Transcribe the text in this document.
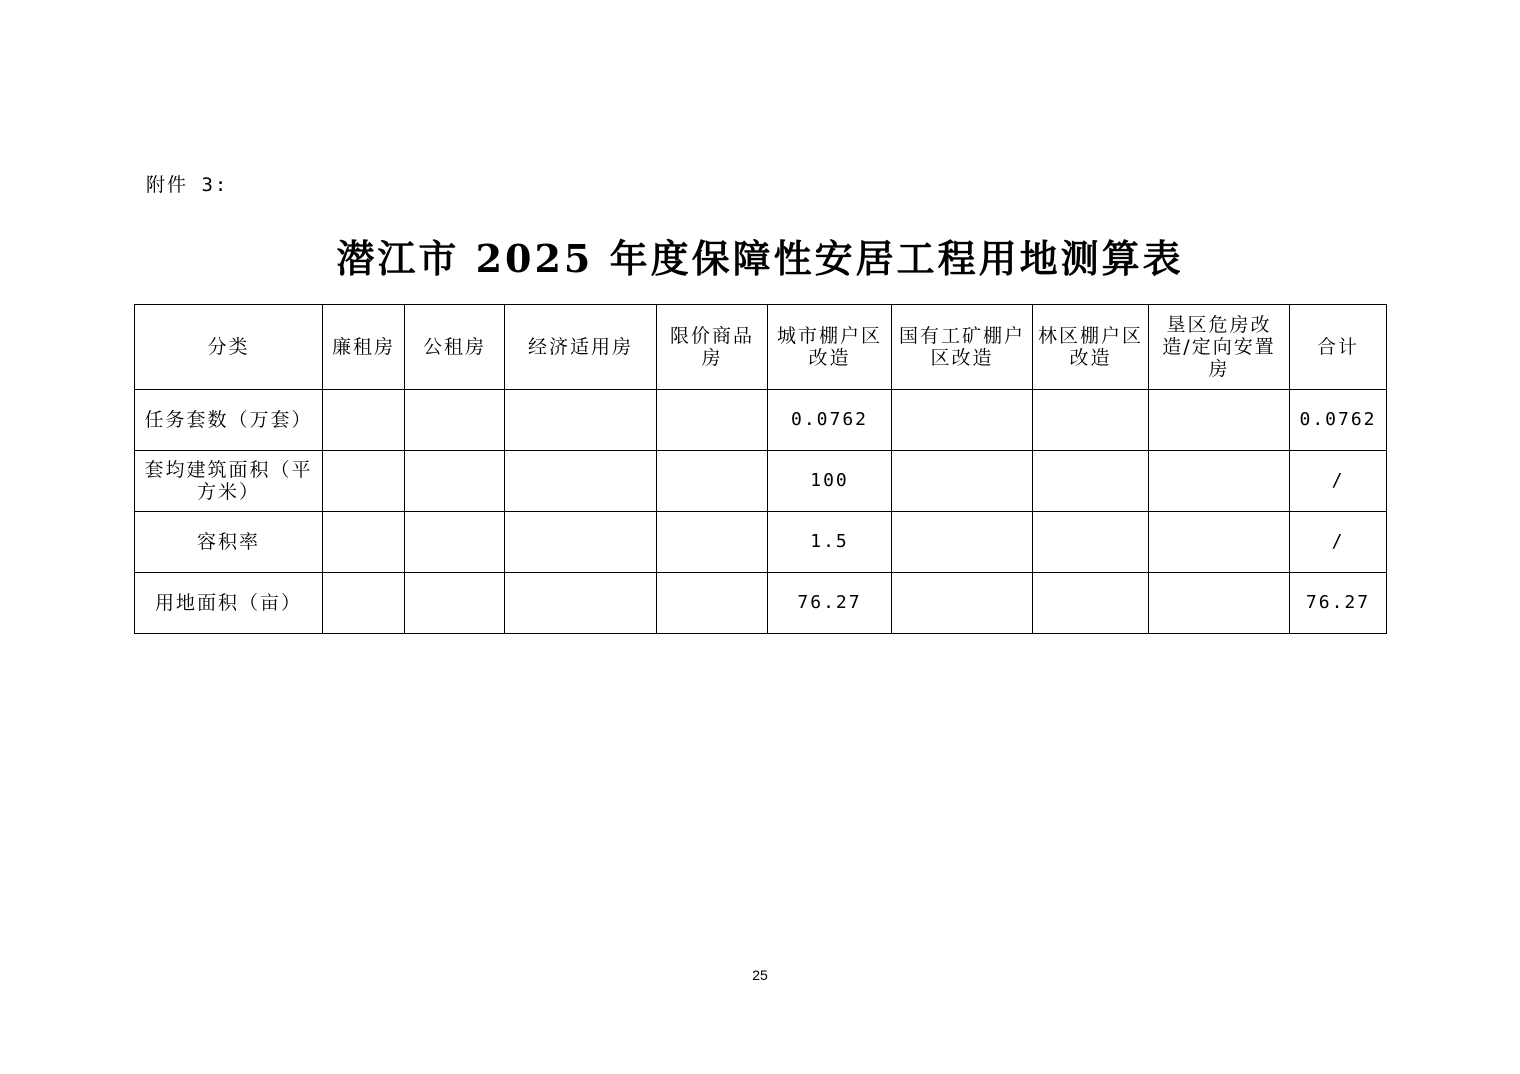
附件 3:
潜江市 2025 年度保障性安居工程用地测算表
分类	廉租房	公租房	经济适用房	限价商品房	城市棚户区改造	国有工矿棚户区改造	林区棚户区改造	垦区危房改造/定向安置房	合计
任务套数（万套）					0.0762				0.0762
套均建筑面积（平方米）					100				/
容积率					1.5				/
用地面积（亩）					76.27				76.27
25
